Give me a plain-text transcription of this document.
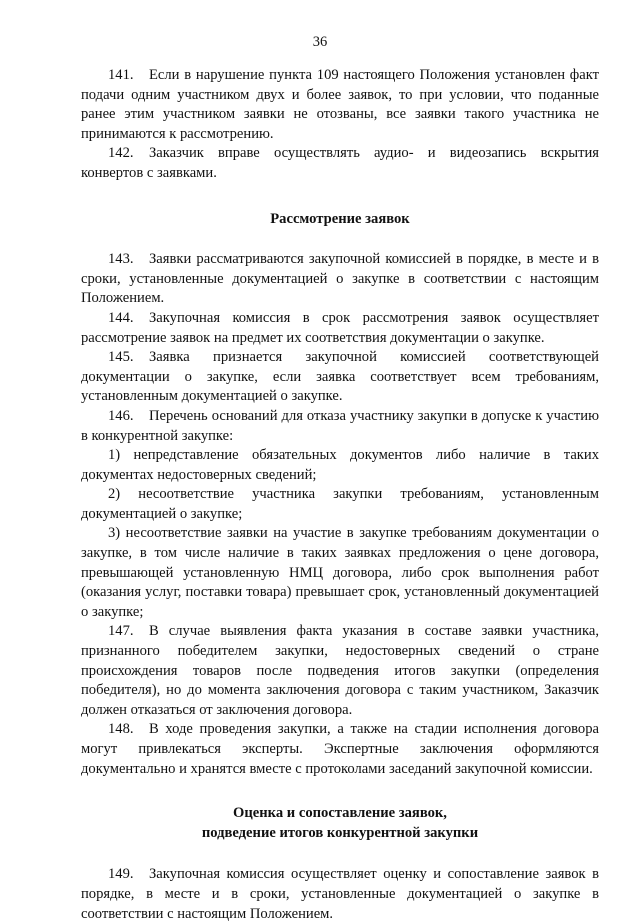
36

141. Если в нарушение пункта 109 настоящего Положения установлен факт подачи одним участником двух и более заявок, то при условии, что поданные ранее этим участником заявки не отозваны, все заявки такого участника не принимаются к рассмотрению.

142. Заказчик вправе осуществлять аудио- и видеозапись вскрытия конвертов с заявками.

Рассмотрение заявок

143. Заявки рассматриваются закупочной комиссией в порядке, в месте и в сроки, установленные документацией о закупке в соответствии с настоящим Положением.

144. Закупочная комиссия в срок рассмотрения заявок осуществляет рассмотрение заявок на предмет их соответствия документации о закупке.

145. Заявка признается закупочной комиссией соответствующей документации о закупке, если заявка соответствует всем требованиям, установленным документацией о закупке.

146. Перечень оснований для отказа участнику закупки в допуске к участию в конкурентной закупке:

1) непредставление обязательных документов либо наличие в таких документах недостоверных сведений;

2) несоответствие участника закупки требованиям, установленным документацией о закупке;

3) несоответствие заявки на участие в закупке требованиям документации о закупке, в том числе наличие в таких заявках предложения о цене договора, превышающей установленную НМЦ договора, либо срок выполнения работ (оказания услуг, поставки товара) превышает срок, установленный документацией о закупке;

147. В случае выявления факта указания в составе заявки участника, признанного победителем закупки, недостоверных сведений о стране происхождения товаров после подведения итогов закупки (определения победителя), но до момента заключения договора с таким участником, Заказчик должен отказаться от заключения договора.

148. В ходе проведения закупки, а также на стадии исполнения договора могут привлекаться эксперты. Экспертные заключения оформляются документально и хранятся вместе с протоколами заседаний закупочной комиссии.

Оценка и сопоставление заявок,
подведение итогов конкурентной закупки

149. Закупочная комиссия осуществляет оценку и сопоставление заявок в порядке, в месте и в сроки, установленные документацией о закупке в соответствии с настоящим Положением.
